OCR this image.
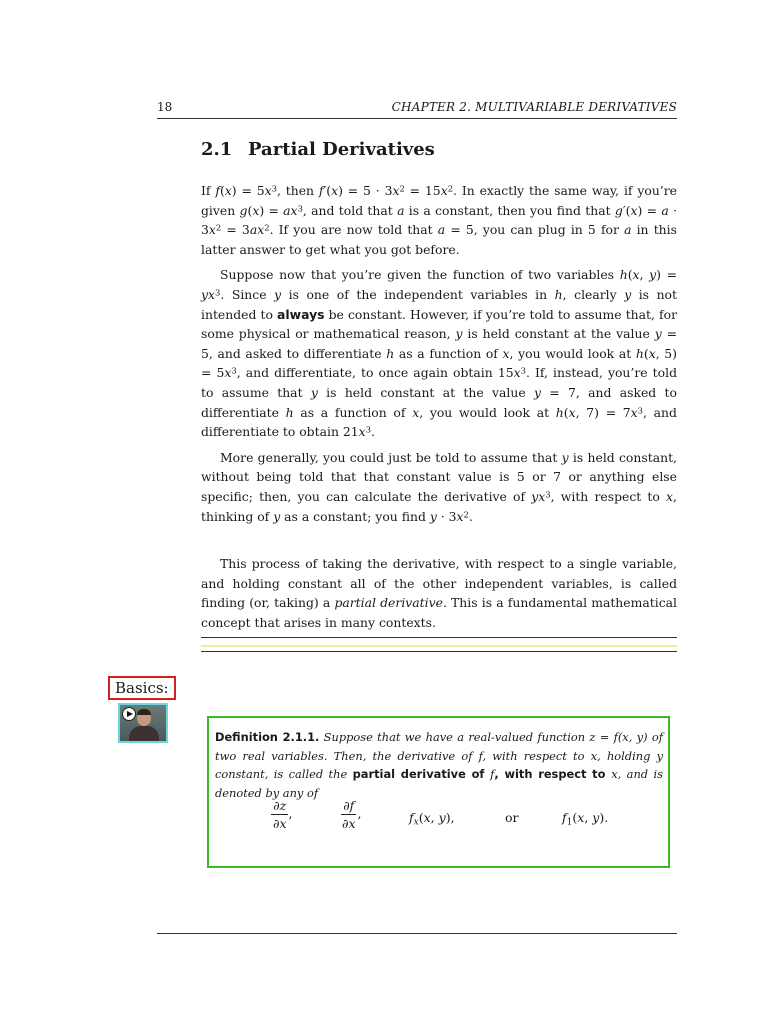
18	CHAPTER 2. MULTIVARIABLE DERIVATIVES
2.1 Partial Derivatives

If $f(x) = 5x^3$, then $f'(x) = 5 \cdot 3x^2 = 15x^2$. In exactly the same way, if you’re given $g(x) = ax^3$, and told that a is a constant, then you find that $g'(x) = a \cdot 3x^2 = 3ax^2$. If you are now told that a = 5, you can plug in 5 for a in this latter answer to get what you got before.

Suppose now that you’re given the function of two variables h(x, $y) = yx^3$. Since y is one of the independent variables in h, clearly y is not intended to always be constant. However, if you’re told to assume that, for some physical or mathematical reason, y is held constant at the value y = 5, and asked to differentiate h as a function of x, you would look at h(x, $5) = 5x^3$, and differentiate, to once again obtain $15x^3$. If, instead, you’re told to assume that y is held constant at the value y = 7, and asked to differentiate h as a function of x, you would look at h(x, $7) = 7x^3$, and differentiate to obtain $21x^3$.

More generally, you could just be told to assume that y is held constant, without being told that that constant value is 5 or 7 or anything else specific; then, you can calculate the derivative of $yx^3$, with respect to x, thinking of y as a constant; you find $y \cdot 3x^2$.

This process of taking the derivative, with respect to a single variable, and holding constant all of the other independent variables, is called finding (or, taking) a partial derivative. This is a fundamental mathematical concept that arises in many contexts.

Basics:

Definition 2.1.1. Suppose that we have a real-valued function z = f(x, y) of two real variables. Then, the derivative of f, with respect to x, holding y constant, is called the partial derivative of f, with respect to x, and is denoted by any of

$\frac{\partial z}{\partial x}$ ,	$\frac{\partial f}{\partial x}$ ,	$f_x(x$, y),	or	$f_1(x$, y).
